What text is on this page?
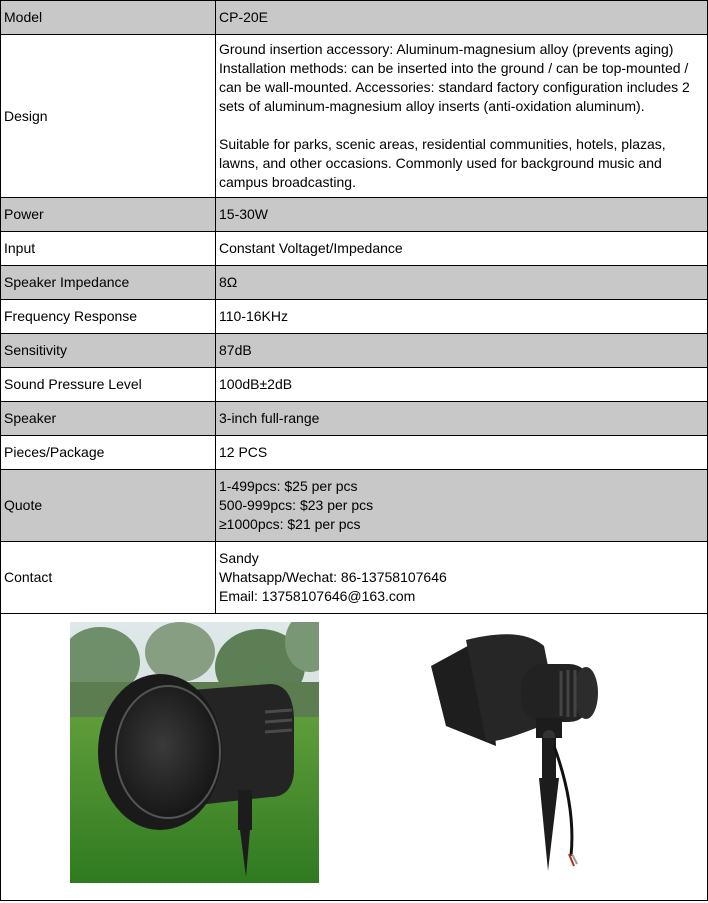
Model	CP-20E
Design	Ground insertion accessory: Aluminum-magnesium alloy (prevents aging) Installation methods: can be inserted into the ground / can be top-mounted / can be wall-mounted. Accessories: standard factory configuration includes 2 sets of aluminum-magnesium alloy inserts (anti-oxidation aluminum).
Suitable for parks, scenic areas, residential communities, hotels, plazas, lawns, and other occasions. Commonly used for background music and campus broadcasting.

Power	15-30W
Input	Constant Voltaget/Impedance
Speaker Impedance	8Ω
Frequency Response	110-16KHz
Sensitivity	87dB
Sound Pressure Level	100dB±2dB
Speaker	3-inch full-range
Pieces/Package	12 PCS
Quote	1-499pcs: $25 per pcs
500-999pcs: $23 per pcs
≥1000pcs: $21 per pcs

Contact	Sandy
Whatsapp/Wechat: 86-13758107646
Email: 13758107646@163.com
